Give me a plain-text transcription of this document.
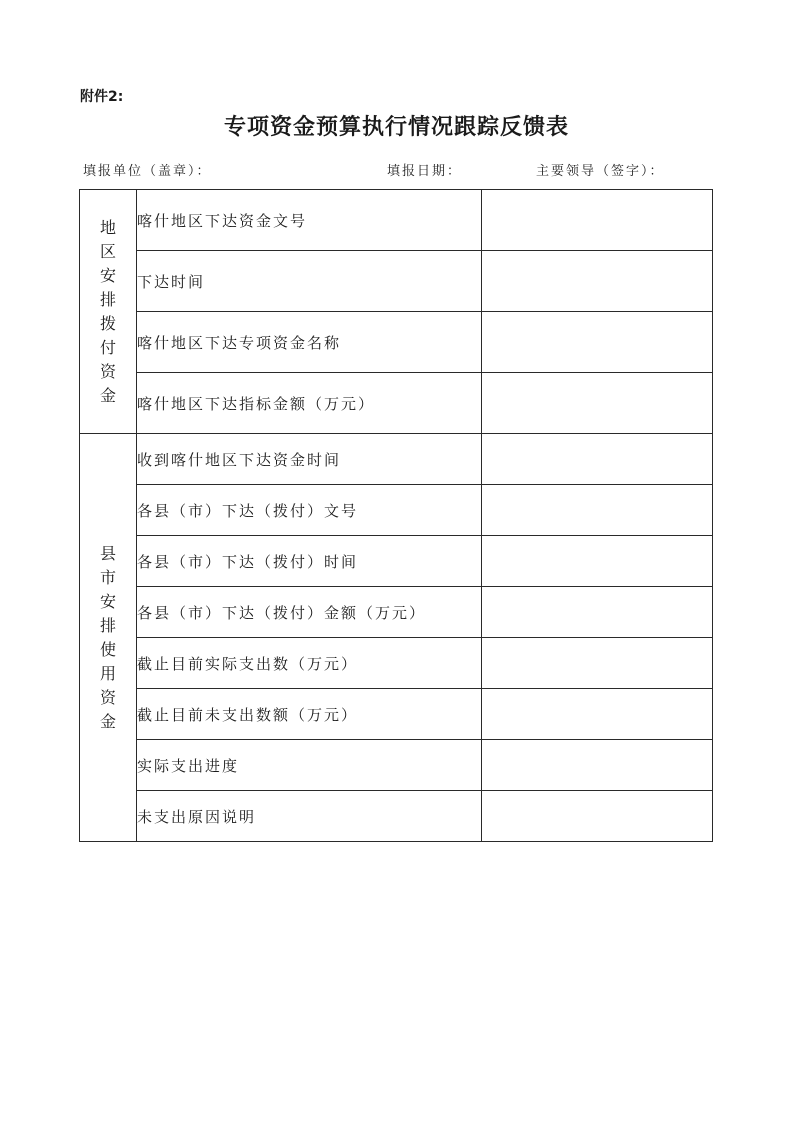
附件2:
专项资金预算执行情况跟踪反馈表
填报单位（盖章）：	填报日期：	主要领导（签字）：
地区安排拨付资金	喀什地区下达资金文号	
	下达时间	
	喀什地区下达专项资金名称	
	喀什地区下达指标金额（万元）	
县市安排使用资金	收到喀什地区下达资金时间	
	各县（市）下达（拨付）文号	
	各县（市）下达（拨付）时间	
	各县（市）下达（拨付）金额（万元）	
	截止目前实际支出数（万元）	
	截止目前未支出数额（万元）	
	实际支出进度	
	未支出原因说明	
